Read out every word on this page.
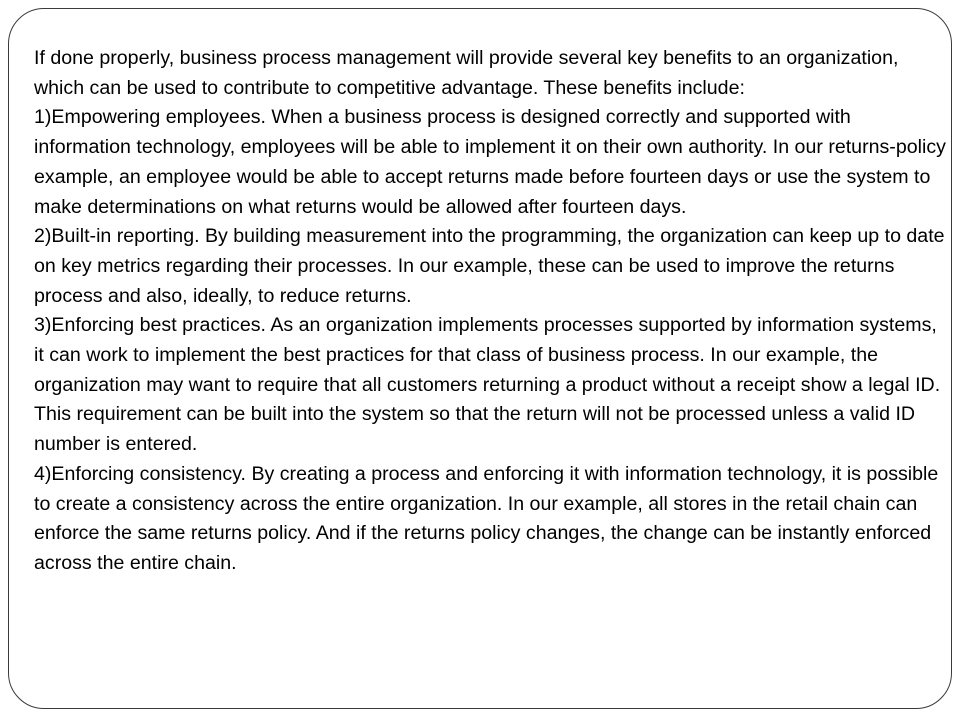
If done properly, business process management will provide several key benefits to an organization, which can be used to contribute to competitive advantage. These benefits include:

1)Empowering employees. When a business process is designed correctly and supported with information technology, employees will be able to implement it on their own authority. In our returns-policy example, an employee would be able to accept returns made before fourteen days or use the system to make determinations on what returns would be allowed after fourteen days.

2)Built-in reporting. By building measurement into the programming, the organization can keep up to date on key metrics regarding their processes. In our example, these can be used to improve the returns process and also, ideally, to reduce returns.

3)Enforcing best practices. As an organization implements processes supported by information systems, it can work to implement the best practices for that class of business process. In our example, the organization may want to require that all customers returning a product without a receipt show a legal ID. This requirement can be built into the system so that the return will not be processed unless a valid ID number is entered.

4)Enforcing consistency. By creating a process and enforcing it with information technology, it is possible to create a consistency across the entire organization. In our example, all stores in the retail chain can enforce the same returns policy. And if the returns policy changes, the change can be instantly enforced across the entire chain.
